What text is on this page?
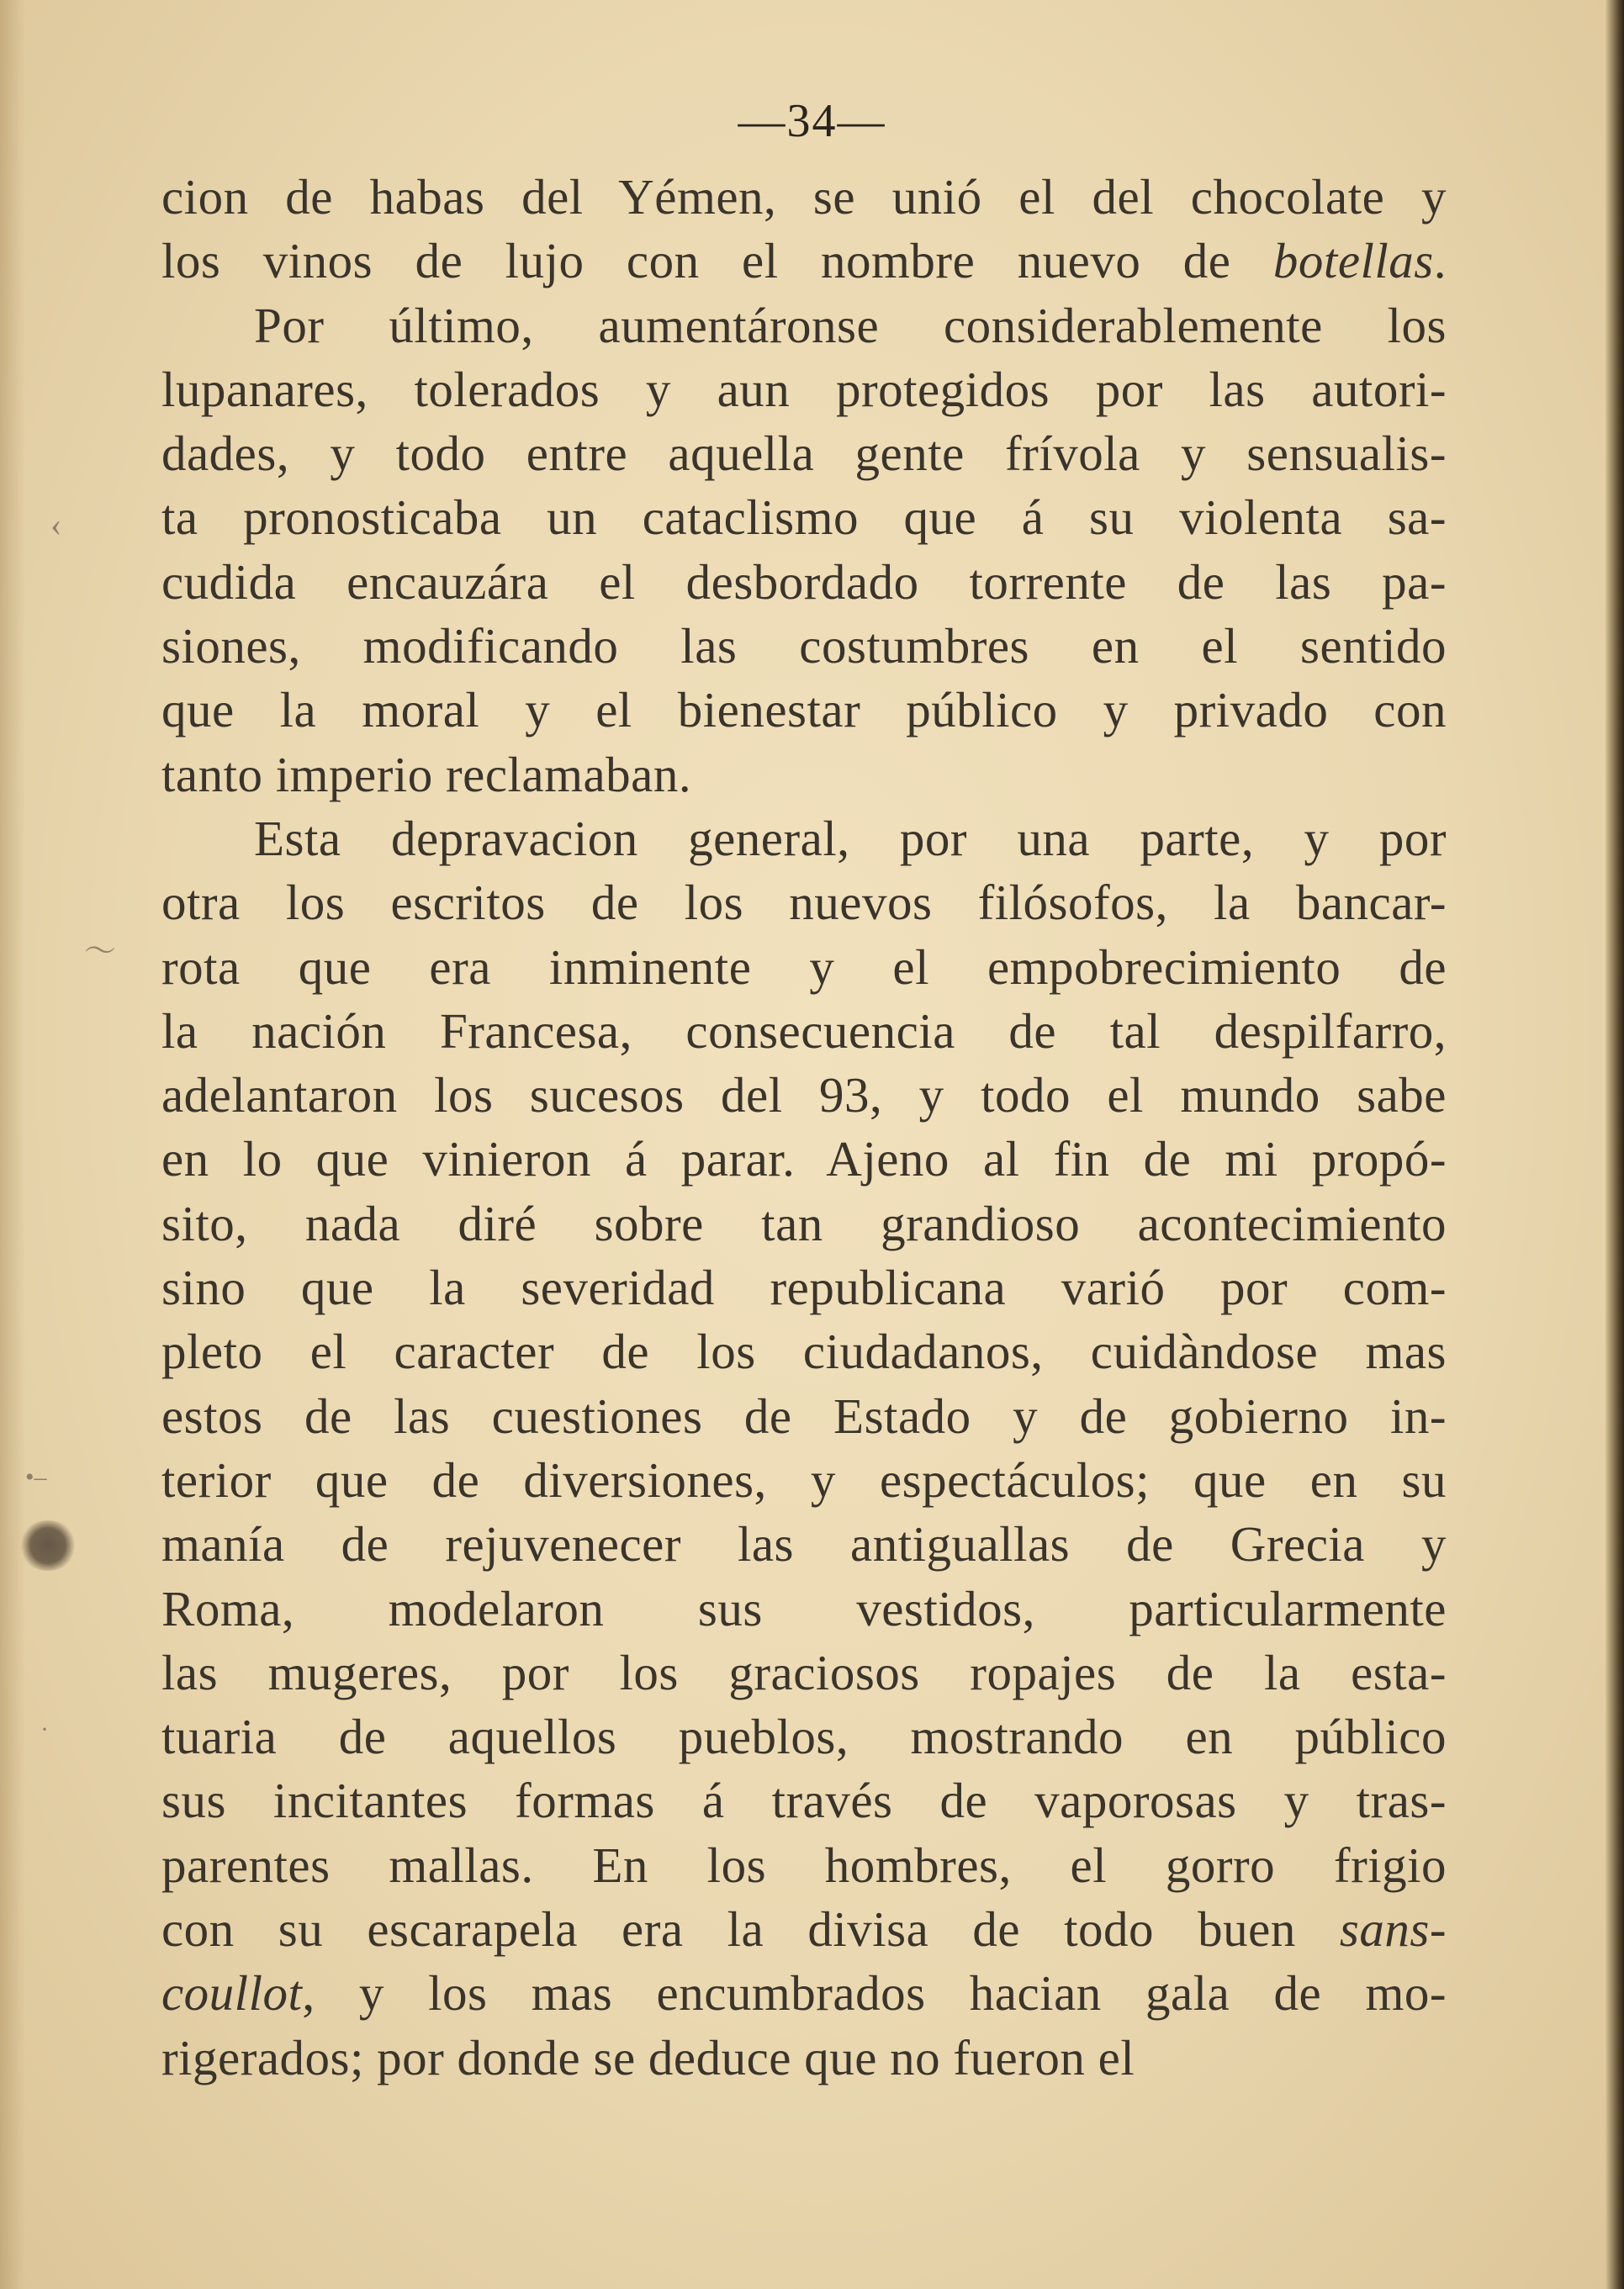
—34—
cion de habas del Yémen, se unió el del chocolate y
los vinos de lujo con el nombre nuevo de botellas.
Por último, aumentáronse considerablemente los
lupanares, tolerados y aun protegidos por las autori-
dades, y todo entre aquella gente frívola y sensualis-
ta pronosticaba un cataclismo que á su violenta sa-
cudida encauzára el desbordado torrente de las pa-
siones, modificando las costumbres en el sentido
que la moral y el bienestar público y privado con
tanto imperio reclamaban.
Esta depravacion general, por una parte, y por
otra los escritos de los nuevos filósofos, la bancar-
rota que era inminente y el empobrecimiento de
la nación Francesa, consecuencia de tal despilfarro,
adelantaron los sucesos del 93, y todo el mundo sabe
en lo que vinieron á parar. Ajeno al fin de mi propó-
sito, nada diré sobre tan grandioso acontecimiento
sino que la severidad republicana varió por com-
pleto el caracter de los ciudadanos, cuidàndose mas
estos de las cuestiones de Estado y de gobierno in-
terior que de diversiones, y espectáculos; que en su
manía de rejuvenecer las antiguallas de Grecia y
Roma, modelaron sus vestidos, particularmente
las mugeres, por los graciosos ropajes de la esta-
tuaria de aquellos pueblos, mostrando en público
sus incitantes formas á través de vaporosas y tras-
parentes mallas. En los hombres, el gorro frigio
con su escarapela era la divisa de todo buen sans-
coullot, y los mas encumbrados hacian gala de mo-
rigerados; por donde se deduce que no fueron el
‹
〜
•–
·
